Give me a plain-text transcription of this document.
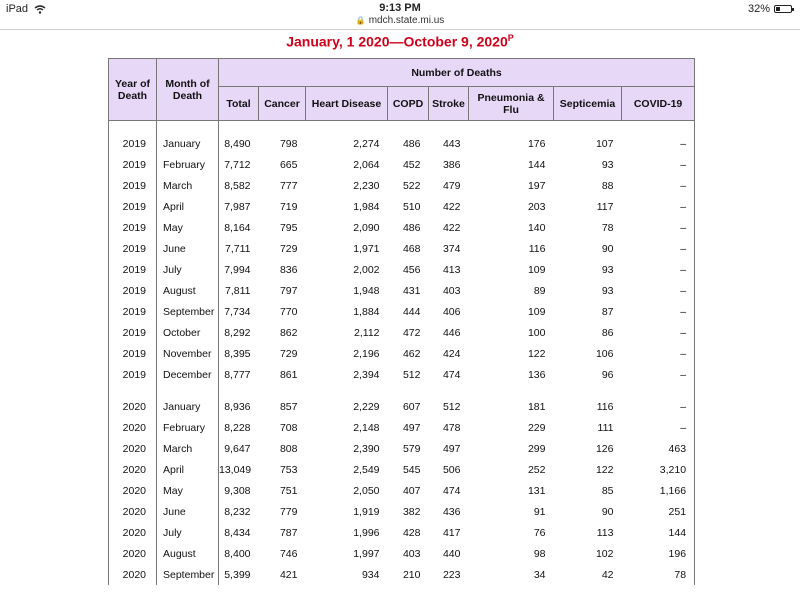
iPad	9:13 PM	32%
🔒 mdch.state.mi.us
January, 1 2020—October 9, $2020^P$
Year of Death	Month of Death	Number of Deaths							
		Total	Cancer	Heart Disease	COPD	Stroke	Pneumonia & Flu	Septicemia	COVID-19

2019	January	8,490	798	2,274	486	443	176	107	–
2019	February	7,712	665	2,064	452	386	144	93	–
2019	March	8,582	777	2,230	522	479	197	88	–
2019	April	7,987	719	1,984	510	422	203	117	–
2019	May	8,164	795	2,090	486	422	140	78	–
2019	June	7,711	729	1,971	468	374	116	90	–
2019	July	7,994	836	2,002	456	413	109	93	–
2019	August	7,811	797	1,948	431	403	89	93	–
2019	September	7,734	770	1,884	444	406	109	87	–
2019	October	8,292	862	2,112	472	446	100	86	–
2019	November	8,395	729	2,196	462	424	122	106	–
2019	December	8,777	861	2,394	512	474	136	96	–

2020	January	8,936	857	2,229	607	512	181	116	–
2020	February	8,228	708	2,148	497	478	229	111	–
2020	March	9,647	808	2,390	579	497	299	126	463
2020	April	13,049	753	2,549	545	506	252	122	3,210
2020	May	9,308	751	2,050	407	474	131	85	1,166
2020	June	8,232	779	1,919	382	436	91	90	251
2020	July	8,434	787	1,996	428	417	76	113	144
2020	August	8,400	746	1,997	403	440	98	102	196
2020	September	5,399	421	934	210	223	34	42	78
